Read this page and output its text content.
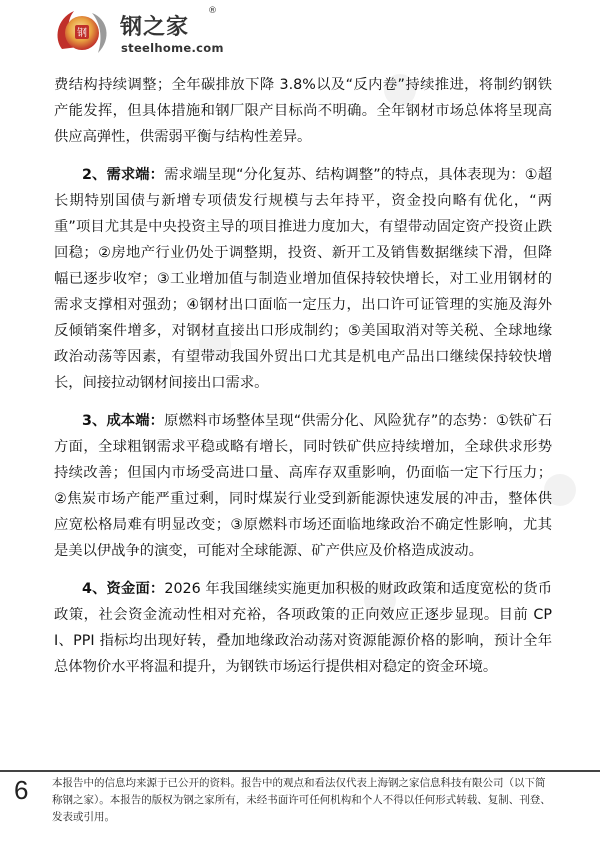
钢 钢之家
®
steelhome.com

费结构持续调整；全年碳排放下降 3.8%以及“反内卷”持续推进，将制约钢铁产能发挥，但具体措施和钢厂限产目标尚不明确。全年钢材市场总体将呈现高供应高弹性，供需弱平衡与结构性差异。

2、需求端：需求端呈现“分化复苏、结构调整”的特点，具体表现为：①超长期特别国债与新增专项债发行规模与去年持平，资金投向略有优化，“两重”项目尤其是中央投资主导的项目推进力度加大，有望带动固定资产投资止跌回稳；②房地产行业仍处于调整期，投资、新开工及销售数据继续下滑，但降幅已逐步收窄；③工业增加值与制造业增加值保持较快增长，对工业用钢材的需求支撑相对强劲；④钢材出口面临一定压力，出口许可证管理的实施及海外反倾销案件增多，对钢材直接出口形成制约；⑤美国取消对等关税、全球地缘政治动荡等因素，有望带动我国外贸出口尤其是机电产品出口继续保持较快增长，间接拉动钢材间接出口需求。

3、成本端：原燃料市场整体呈现“供需分化、风险犹存”的态势：①铁矿石方面，全球粗钢需求平稳或略有增长，同时铁矿供应持续增加，全球供求形势持续改善；但国内市场受高进口量、高库存双重影响，仍面临一定下行压力；②焦炭市场产能严重过剩，同时煤炭行业受到新能源快速发展的冲击，整体供应宽松格局难有明显改变；③原燃料市场还面临地缘政治不确定性影响，尤其是美以伊战争的演变，可能对全球能源、矿产供应及价格造成波动。

4、资金面：2026 年我国继续实施更加积极的财政政策和适度宽松的货币政策，社会资金流动性相对充裕，各项政策的正向效应正逐步显现。目前 CPI、PPI 指标均出现好转，叠加地缘政治动荡对资源能源价格的影响，预计全年总体物价水平将温和提升，为钢铁市场运行提供相对稳定的资金环境。

6 本报告中的信息均来源于已公开的资料。报告中的观点和看法仅代表上海钢之家信息科技有限公司（以下简称钢之家）。本报告的版权为钢之家所有，未经书面许可任何机构和个人不得以任何形式转载、复制、刊登、发表或引用。
